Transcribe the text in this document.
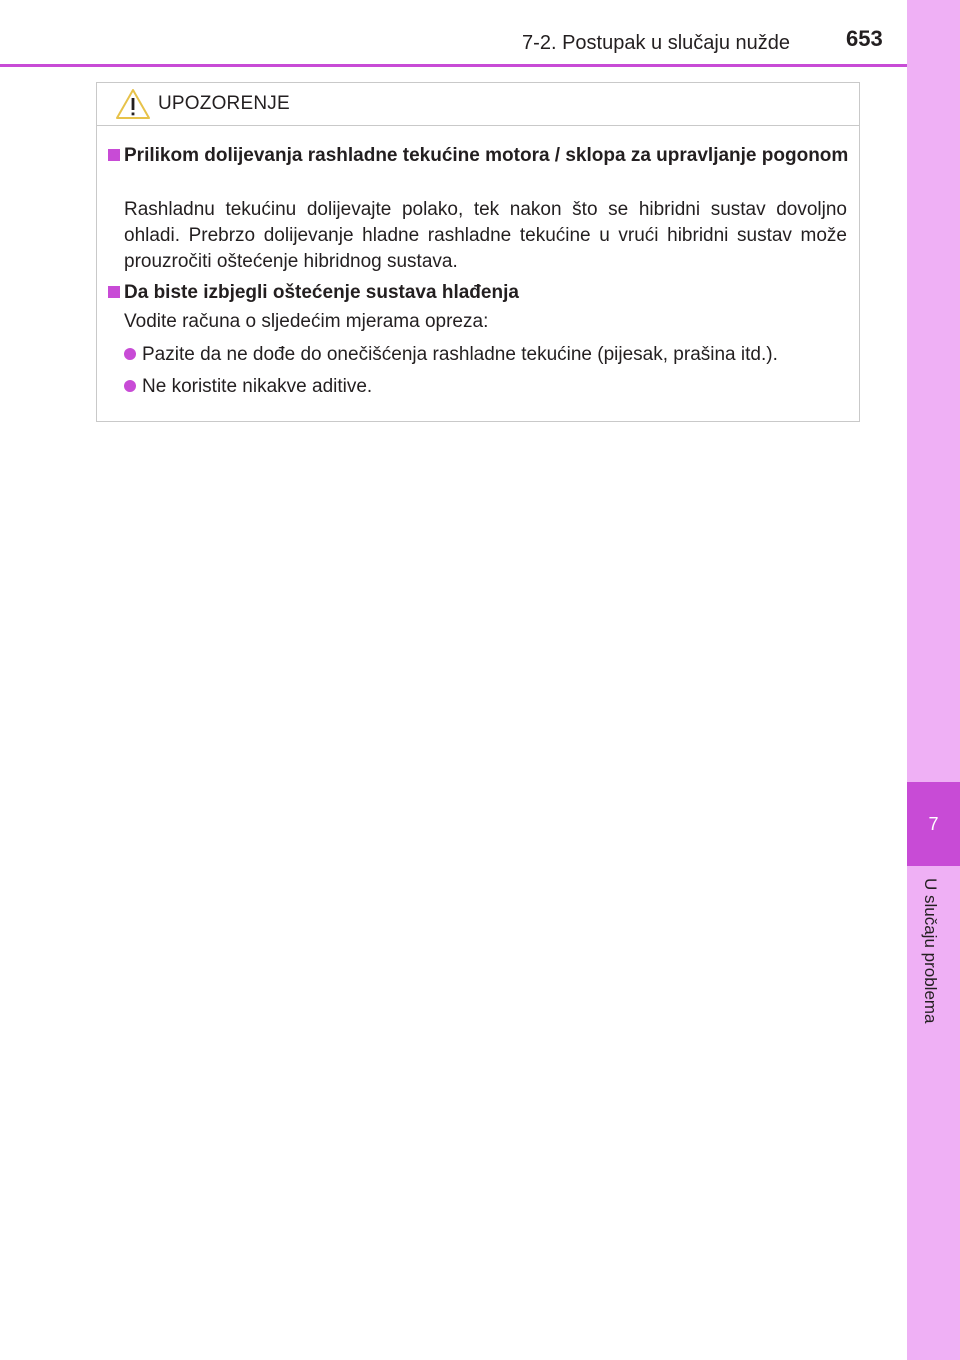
7-2. Postupak u slučaju nužde	653
7
U slučaju problema
UPOZORENJE
Prilikom dolijevanja rashladne tekućine motora / sklopa za upravljanje pogonom
Rashladnu tekućinu dolijevajte polako, tek nakon što se hibridni sustav dovoljno ohladi. Prebrzo dolijevanje hladne rashladne tekućine u vrući hibridni sustav može prouzročiti oštećenje hibridnog sustava.
Da biste izbjegli oštećenje sustava hlađenja
Vodite računa o sljedećim mjerama opreza:
Pazite da ne dođe do onečišćenja rashladne tekućine (pijesak, prašina itd.).
Ne koristite nikakve aditive.
